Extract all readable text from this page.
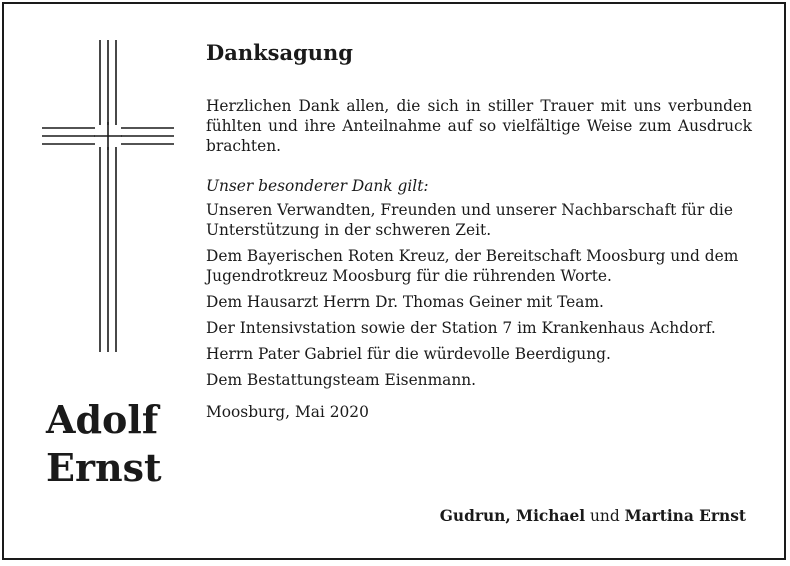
Adolf
Ernst
Danksagung

Herzlichen Dank allen, die sich in stiller Trauer mit uns verbunden fühlten und ihre Anteilnahme auf so vielfältige Weise zum Ausdruck brachten.

Unser besonderer Dank gilt:

Unseren Verwandten, Freunden und unserer Nachbarschaft für die Unterstützung in der schweren Zeit.
Dem Bayerischen Roten Kreuz, der Bereitschaft Moosburg und dem Jugendrotkreuz Moosburg für die rührenden Worte.
Dem Hausarzt Herrn Dr. Thomas Geiner mit Team.
Der Intensivstation sowie der Station 7 im Krankenhaus Achdorf.
Herrn Pater Gabriel für die würdevolle Beerdigung.
Dem Bestattungsteam Eisenmann.

Moosburg, Mai 2020

Gudrun, Michael und Martina Ernst
